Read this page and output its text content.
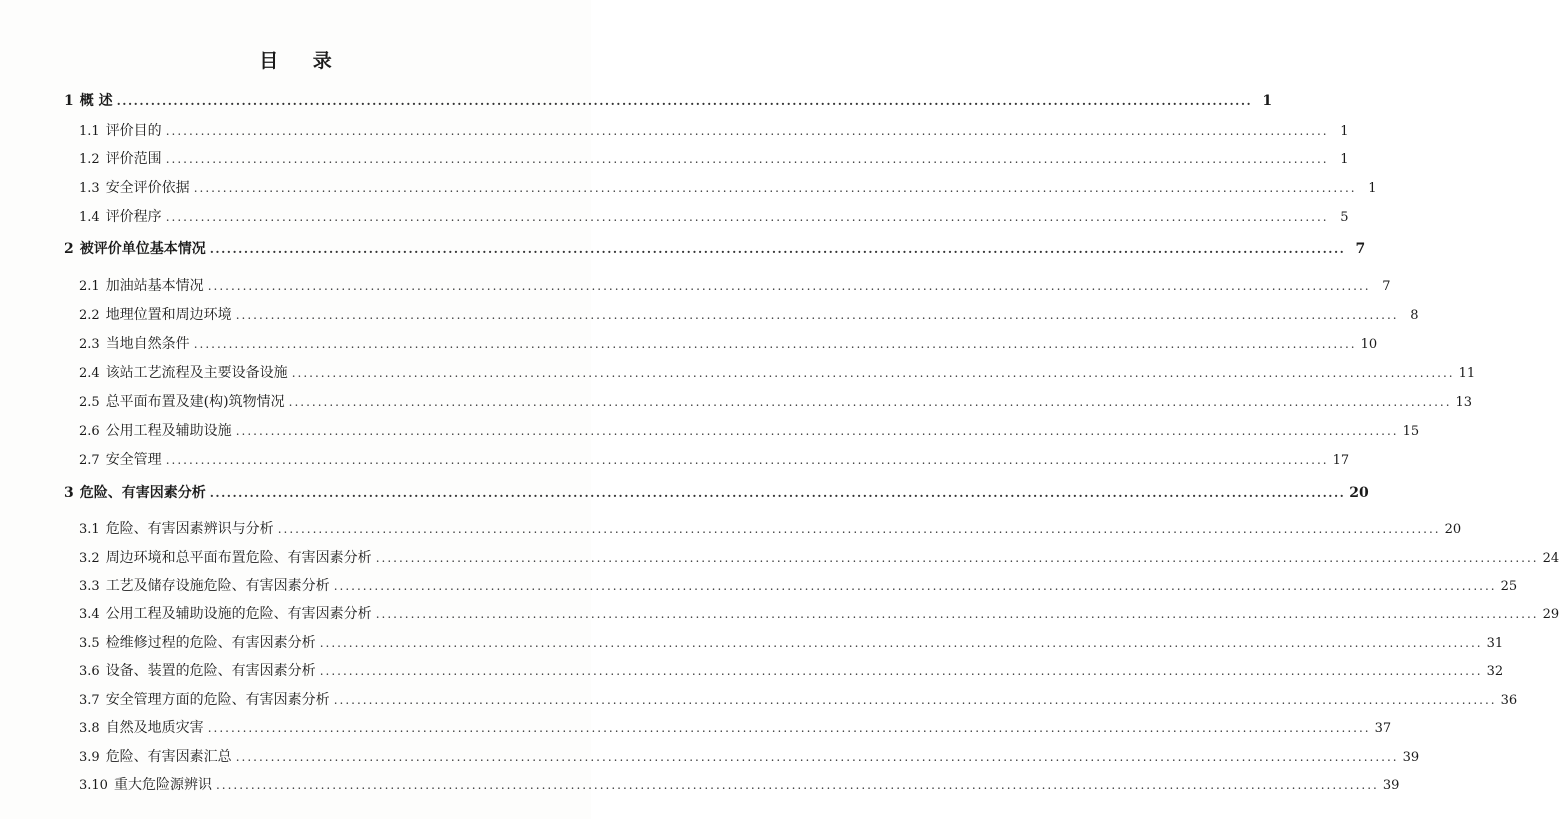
目 录
1 概 述 ........................................................................................................................................................................................................ 1
1.1 评价目的 ........................................................................................................................................................................................................ 1
1.2 评价范围 ........................................................................................................................................................................................................ 1
1.3 安全评价依据 ........................................................................................................................................................................................................ 1
1.4 评价程序 ........................................................................................................................................................................................................ 5
2 被评价单位基本情况 ........................................................................................................................................................................................................ 7
2.1 加油站基本情况 ........................................................................................................................................................................................................ 7
2.2 地理位置和周边环境 ........................................................................................................................................................................................................ 8
2.3 当地自然条件 ........................................................................................................................................................................................................ 10
2.4 该站工艺流程及主要设备设施 ........................................................................................................................................................................................................ 11
2.5 总平面布置及建(构)筑物情况 ........................................................................................................................................................................................................ 13
2.6 公用工程及辅助设施 ........................................................................................................................................................................................................ 15
2.7 安全管理 ........................................................................................................................................................................................................ 17
3 危险、有害因素分析 ........................................................................................................................................................................................................ 20
3.1 危险、有害因素辨识与分析 ........................................................................................................................................................................................................ 20
3.2 周边环境和总平面布置危险、有害因素分析 ........................................................................................................................................................................................................ 24
3.3 工艺及储存设施危险、有害因素分析 ........................................................................................................................................................................................................ 25
3.4 公用工程及辅助设施的危险、有害因素分析 ........................................................................................................................................................................................................ 29
3.5 检维修过程的危险、有害因素分析 ........................................................................................................................................................................................................ 31
3.6 设备、装置的危险、有害因素分析 ........................................................................................................................................................................................................ 32
3.7 安全管理方面的危险、有害因素分析 ........................................................................................................................................................................................................ 36
3.8 自然及地质灾害 ........................................................................................................................................................................................................ 37
3.9 危险、有害因素汇总 ........................................................................................................................................................................................................ 39
3.10 重大危险源辨识 ........................................................................................................................................................................................................ 39
